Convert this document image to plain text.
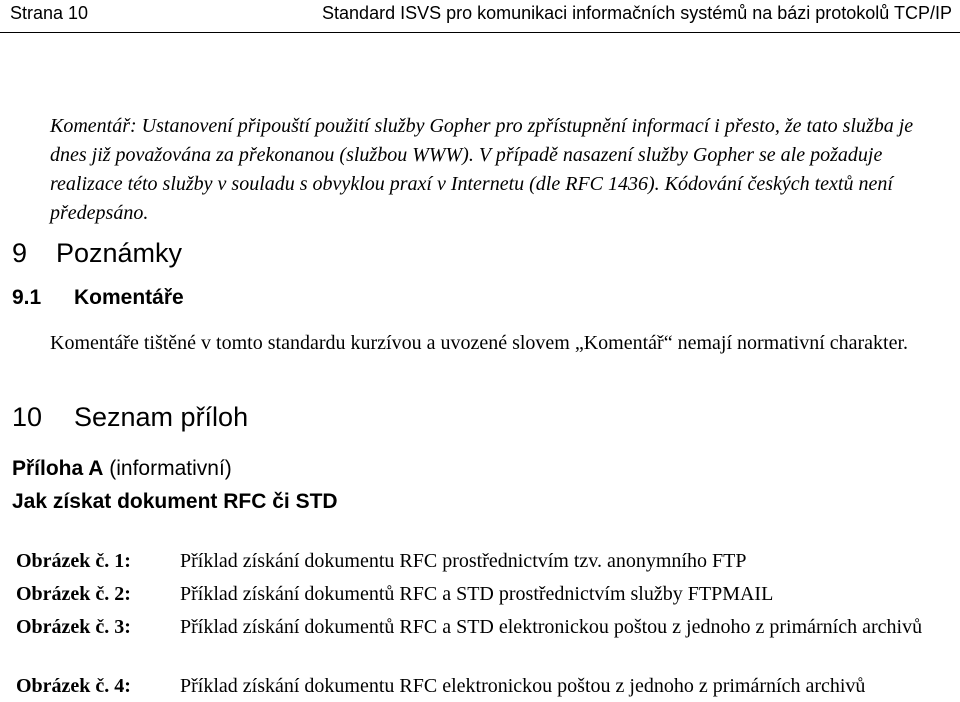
Strana 10	Standard ISVS pro komunikaci informačních systémů na bázi protokolů TCP/IP

Komentář: Ustanovení připouští použití služby Gopher pro zpřístupnění informací i přesto, že tato služba je dnes již považována za překonanou (službou WWW). V případě nasazení služby Gopher se ale požaduje realizace této služby v souladu s obvyklou praxí v Internetu (dle RFC 1436). Kódování českých textů není předepsáno.

9 Poznámky
9.1 Komentáře

Komentáře tištěné v tomto standardu kurzívou a uvozené slovem „Komentář“ nemají normativní charakter.

10 Seznam příloh

Příloha A (informativní)

Jak získat dokument RFC či STD

Obrázek č. 1:	Příklad získání dokumentu RFC prostřednictvím tzv. anonymního FTP
Obrázek č. 2:	Příklad získání dokumentů RFC a STD prostřednictvím služby FTPMAIL
Obrázek č. 3:	Příklad získání dokumentů RFC a STD elektronickou poštou z jednoho z primárních archivů
Obrázek č. 4:	Příklad získání dokumentu RFC elektronickou poštou z jednoho z primárních archivů
